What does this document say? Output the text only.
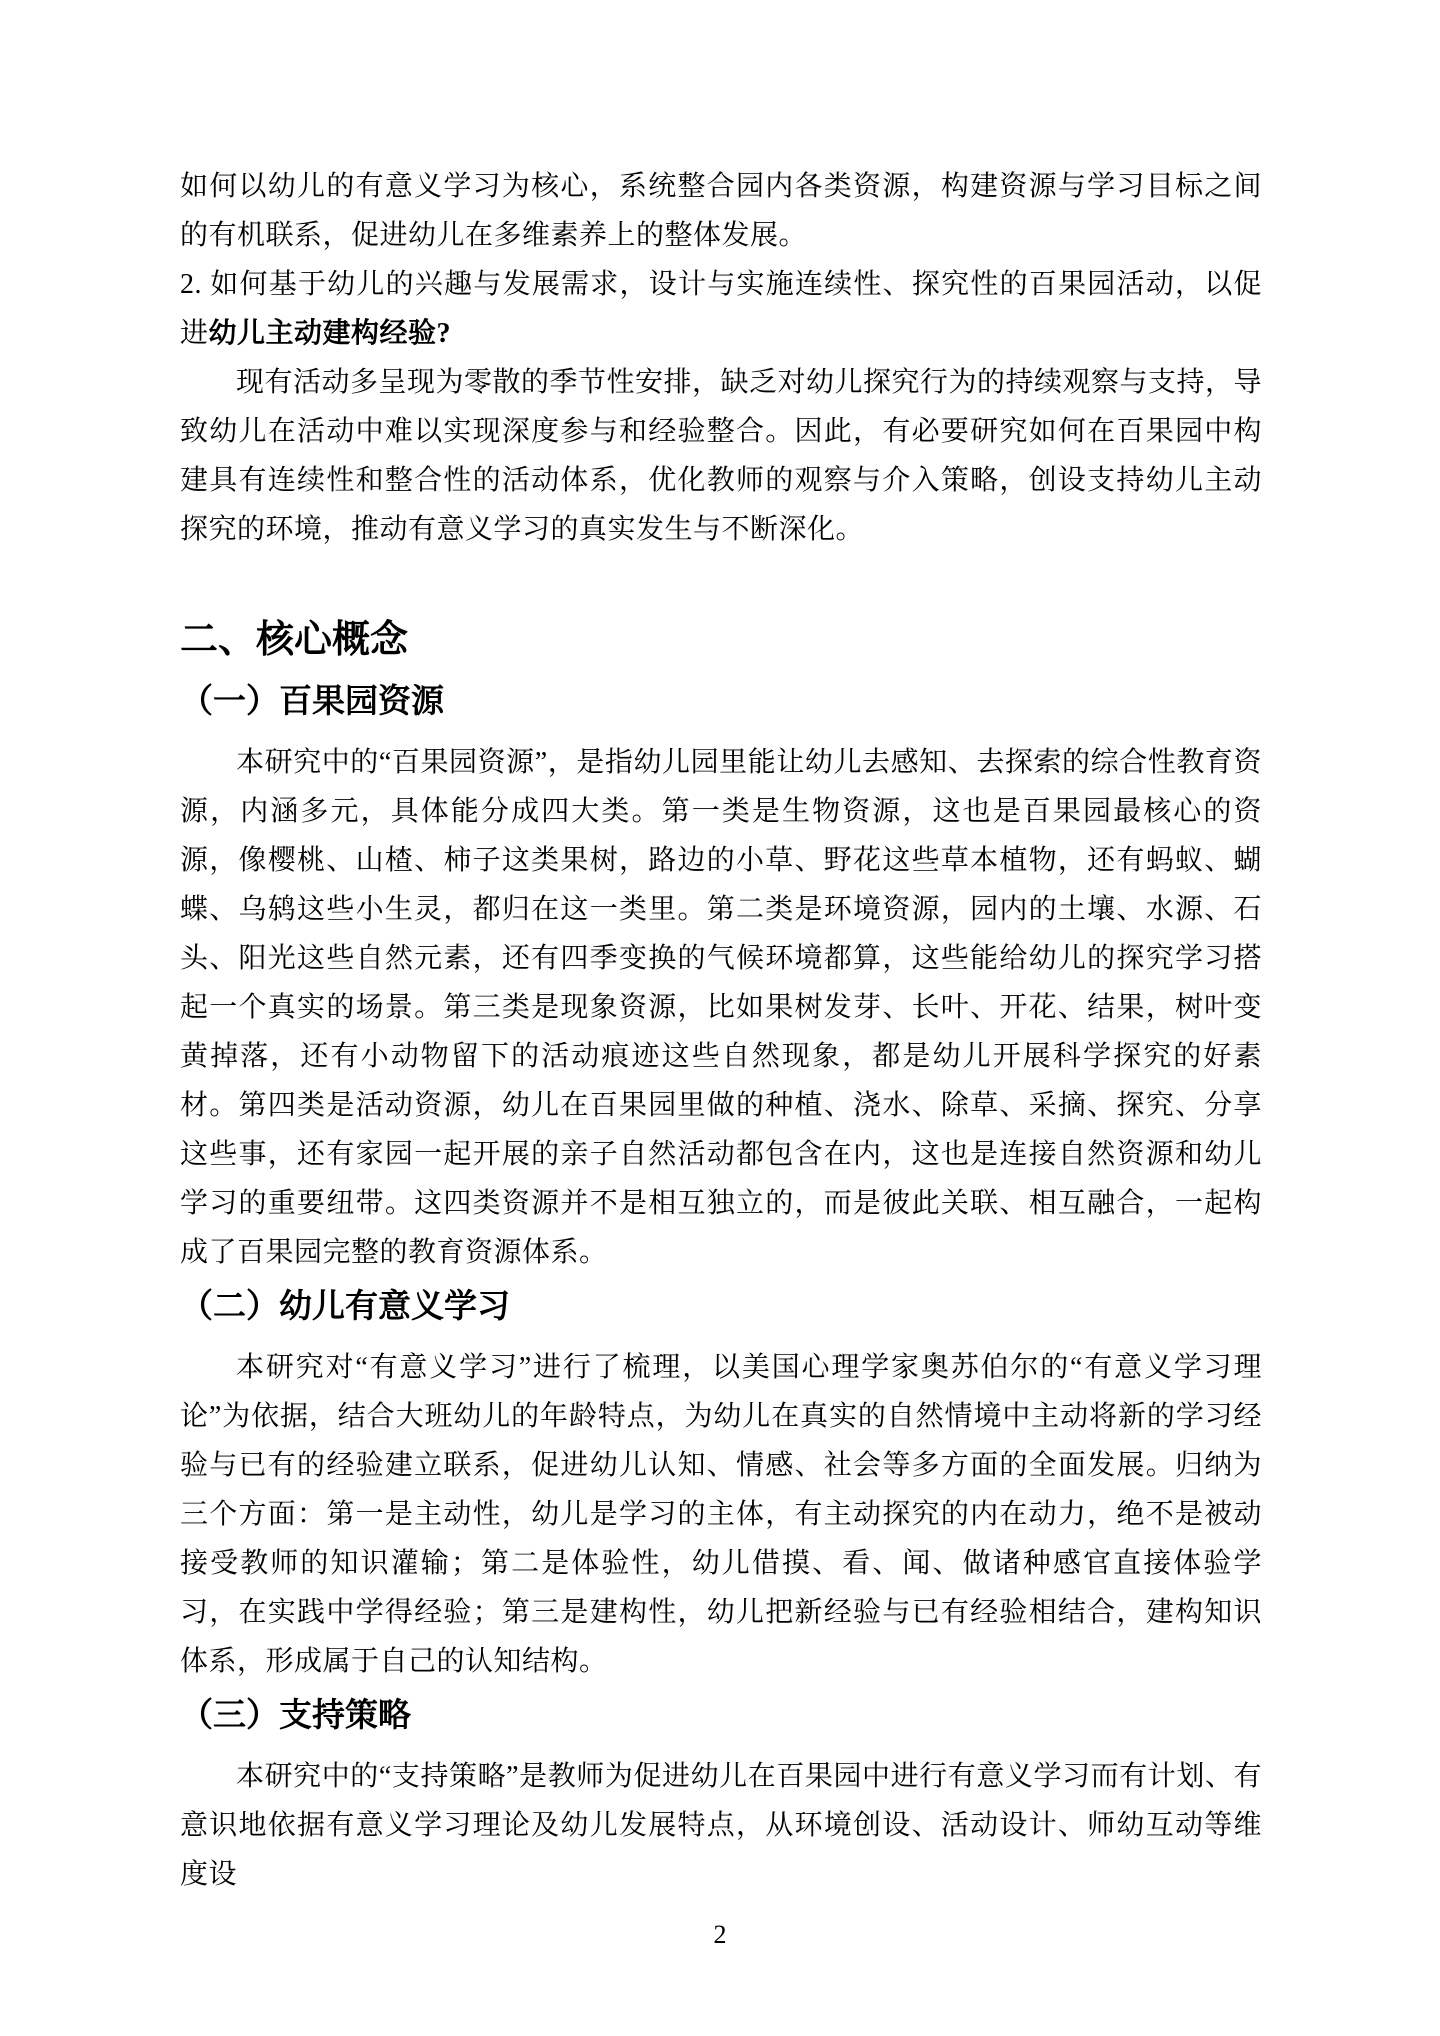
如何以幼儿的有意义学习为核心，系统整合园内各类资源，构建资源与学习目标之间的有机联系，促进幼儿在多维素养上的整体发展。

2. 如何基于幼儿的兴趣与发展需求，设计与实施连续性、探究性的百果园活动，以促进幼儿主动建构经验?

现有活动多呈现为零散的季节性安排，缺乏对幼儿探究行为的持续观察与支持，导致幼儿在活动中难以实现深度参与和经验整合。因此，有必要研究如何在百果园中构建具有连续性和整合性的活动体系，优化教师的观察与介入策略，创设支持幼儿主动探究的环境，推动有意义学习的真实发生与不断深化。

二、核心概念
（一）百果园资源

本研究中的“百果园资源”，是指幼儿园里能让幼儿去感知、去探索的综合性教育资源，内涵多元，具体能分成四大类。第一类是生物资源，这也是百果园最核心的资源，像樱桃、山楂、柿子这类果树，路边的小草、野花这些草本植物，还有蚂蚁、蝴蝶、乌鸫这些小生灵，都归在这一类里。第二类是环境资源，园内的土壤、水源、石头、阳光这些自然元素，还有四季变换的气候环境都算，这些能给幼儿的探究学习搭起一个真实的场景。第三类是现象资源，比如果树发芽、长叶、开花、结果，树叶变黄掉落，还有小动物留下的活动痕迹这些自然现象，都是幼儿开展科学探究的好素材。第四类是活动资源，幼儿在百果园里做的种植、浇水、除草、采摘、探究、分享这些事，还有家园一起开展的亲子自然活动都包含在内，这也是连接自然资源和幼儿学习的重要纽带。这四类资源并不是相互独立的，而是彼此关联、相互融合，一起构成了百果园完整的教育资源体系。

（二）幼儿有意义学习

本研究对“有意义学习”进行了梳理，以美国心理学家奥苏伯尔的“有意义学习理论”为依据，结合大班幼儿的年龄特点，为幼儿在真实的自然情境中主动将新的学习经验与已有的经验建立联系，促进幼儿认知、情感、社会等多方面的全面发展。归纳为三个方面：第一是主动性，幼儿是学习的主体，有主动探究的内在动力，绝不是被动接受教师的知识灌输；第二是体验性，幼儿借摸、看、闻、做诸种感官直接体验学习，在实践中学得经验；第三是建构性，幼儿把新经验与已有经验相结合，建构知识体系，形成属于自己的认知结构。

（三）支持策略

本研究中的“支持策略”是教师为促进幼儿在百果园中进行有意义学习而有计划、有意识地依据有意义学习理论及幼儿发展特点，从环境创设、活动设计、师幼互动等维度设

2
